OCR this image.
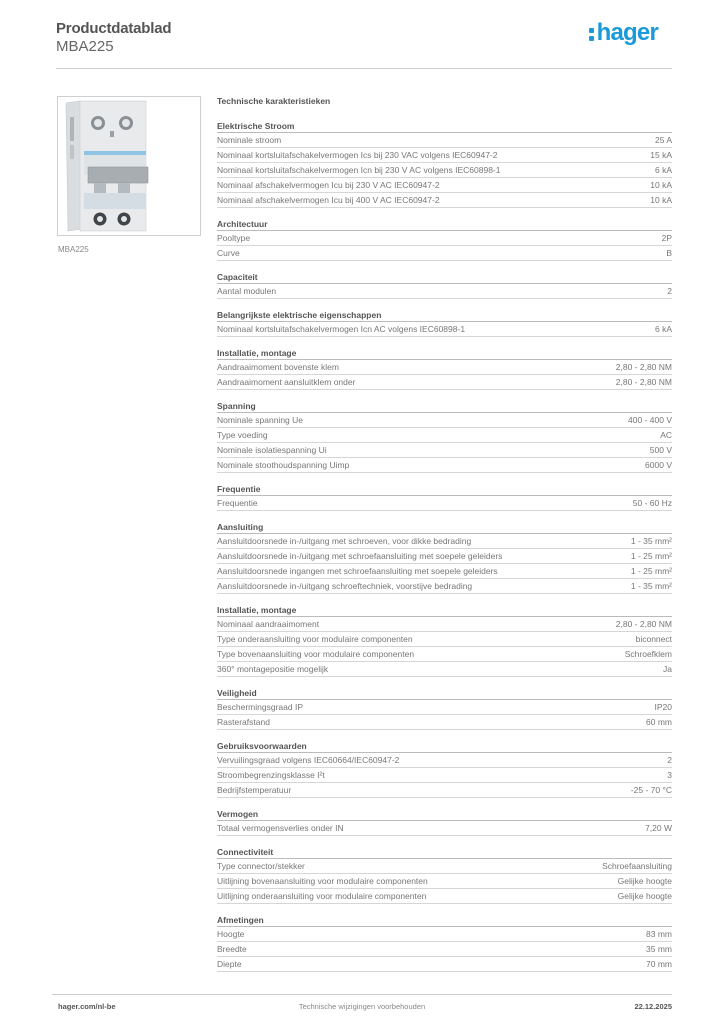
Productdatablad
MBA225
hager
MBA225
Technische karakteristieken
Elektrische Stroom
Nominale stroom	25 A
Nominaal kortsluitafschakelvermogen Ics bij 230 VAC volgens IEC60947-2	15 kA
Nominaal kortsluitafschakelvermogen Icn bij 230 V AC volgens IEC60898-1	6 kA
Nominaal afschakelvermogen Icu bij 230 V AC IEC60947-2	10 kA
Nominaal afschakelvermogen Icu bij 400 V AC IEC60947-2	10 kA
Architectuur
Pooltype	2P
Curve	B
Capaciteit
Aantal modulen	2
Belangrijkste elektrische eigenschappen
Nominaal kortsluitafschakelvermogen Icn AC volgens IEC60898-1	6 kA
Installatie, montage
Aandraaimoment bovenste klem	2,80 - 2,80 NM
Aandraaimoment aansluitklem onder	2,80 - 2,80 NM
Spanning
Nominale spanning Ue	400 - 400 V
Type voeding	AC
Nominale isolatiespanning Ui	500 V
Nominale stoothoudspanning Uimp	6000 V
Frequentie
Frequentie	50 - 60 Hz
Aansluiting
Aansluitdoorsnede in-/uitgang met schroeven, voor dikke bedrading	1 - 35 mm²
Aansluitdoorsnede in-/uitgang met schroefaansluiting met soepele geleiders	1 - 25 mm²
Aansluitdoorsnede ingangen met schroefaansluiting met soepele geleiders	1 - 25 mm²
Aansluitdoorsnede in-/uitgang schroeftechniek, voorstijve bedrading	1 - 35 mm²
Installatie, montage
Nominaal aandraaimoment	2,80 - 2,80 NM
Type onderaansluiting voor modulaire componenten	biconnect
Type bovenaansluiting voor modulaire componenten	Schroefklem
360° montagepositie mogelijk	Ja
Veiligheid
Beschermingsgraad IP	IP20
Rasterafstand	60 mm
Gebruiksvoorwaarden
Vervuilingsgraad volgens IEC60664/IEC60947-2	2
Stroombegrenzingsklasse I²t	3
Bedrijfstemperatuur	-25 - 70 °C
Vermogen
Totaal vermogensverlies onder IN	7,20 W
Connectiviteit
Type connector/stekker	Schroefaansluiting
Uitlijning bovenaansluiting voor modulaire componenten	Gelijke hoogte
Uitlijning onderaansluiting voor modulaire componenten	Gelijke hoogte
Afmetingen
Hoogte	83 mm
Breedte	35 mm
Diepte	70 mm
hager.com/nl-be	Technische wijzigingen voorbehouden	22.12.2025
